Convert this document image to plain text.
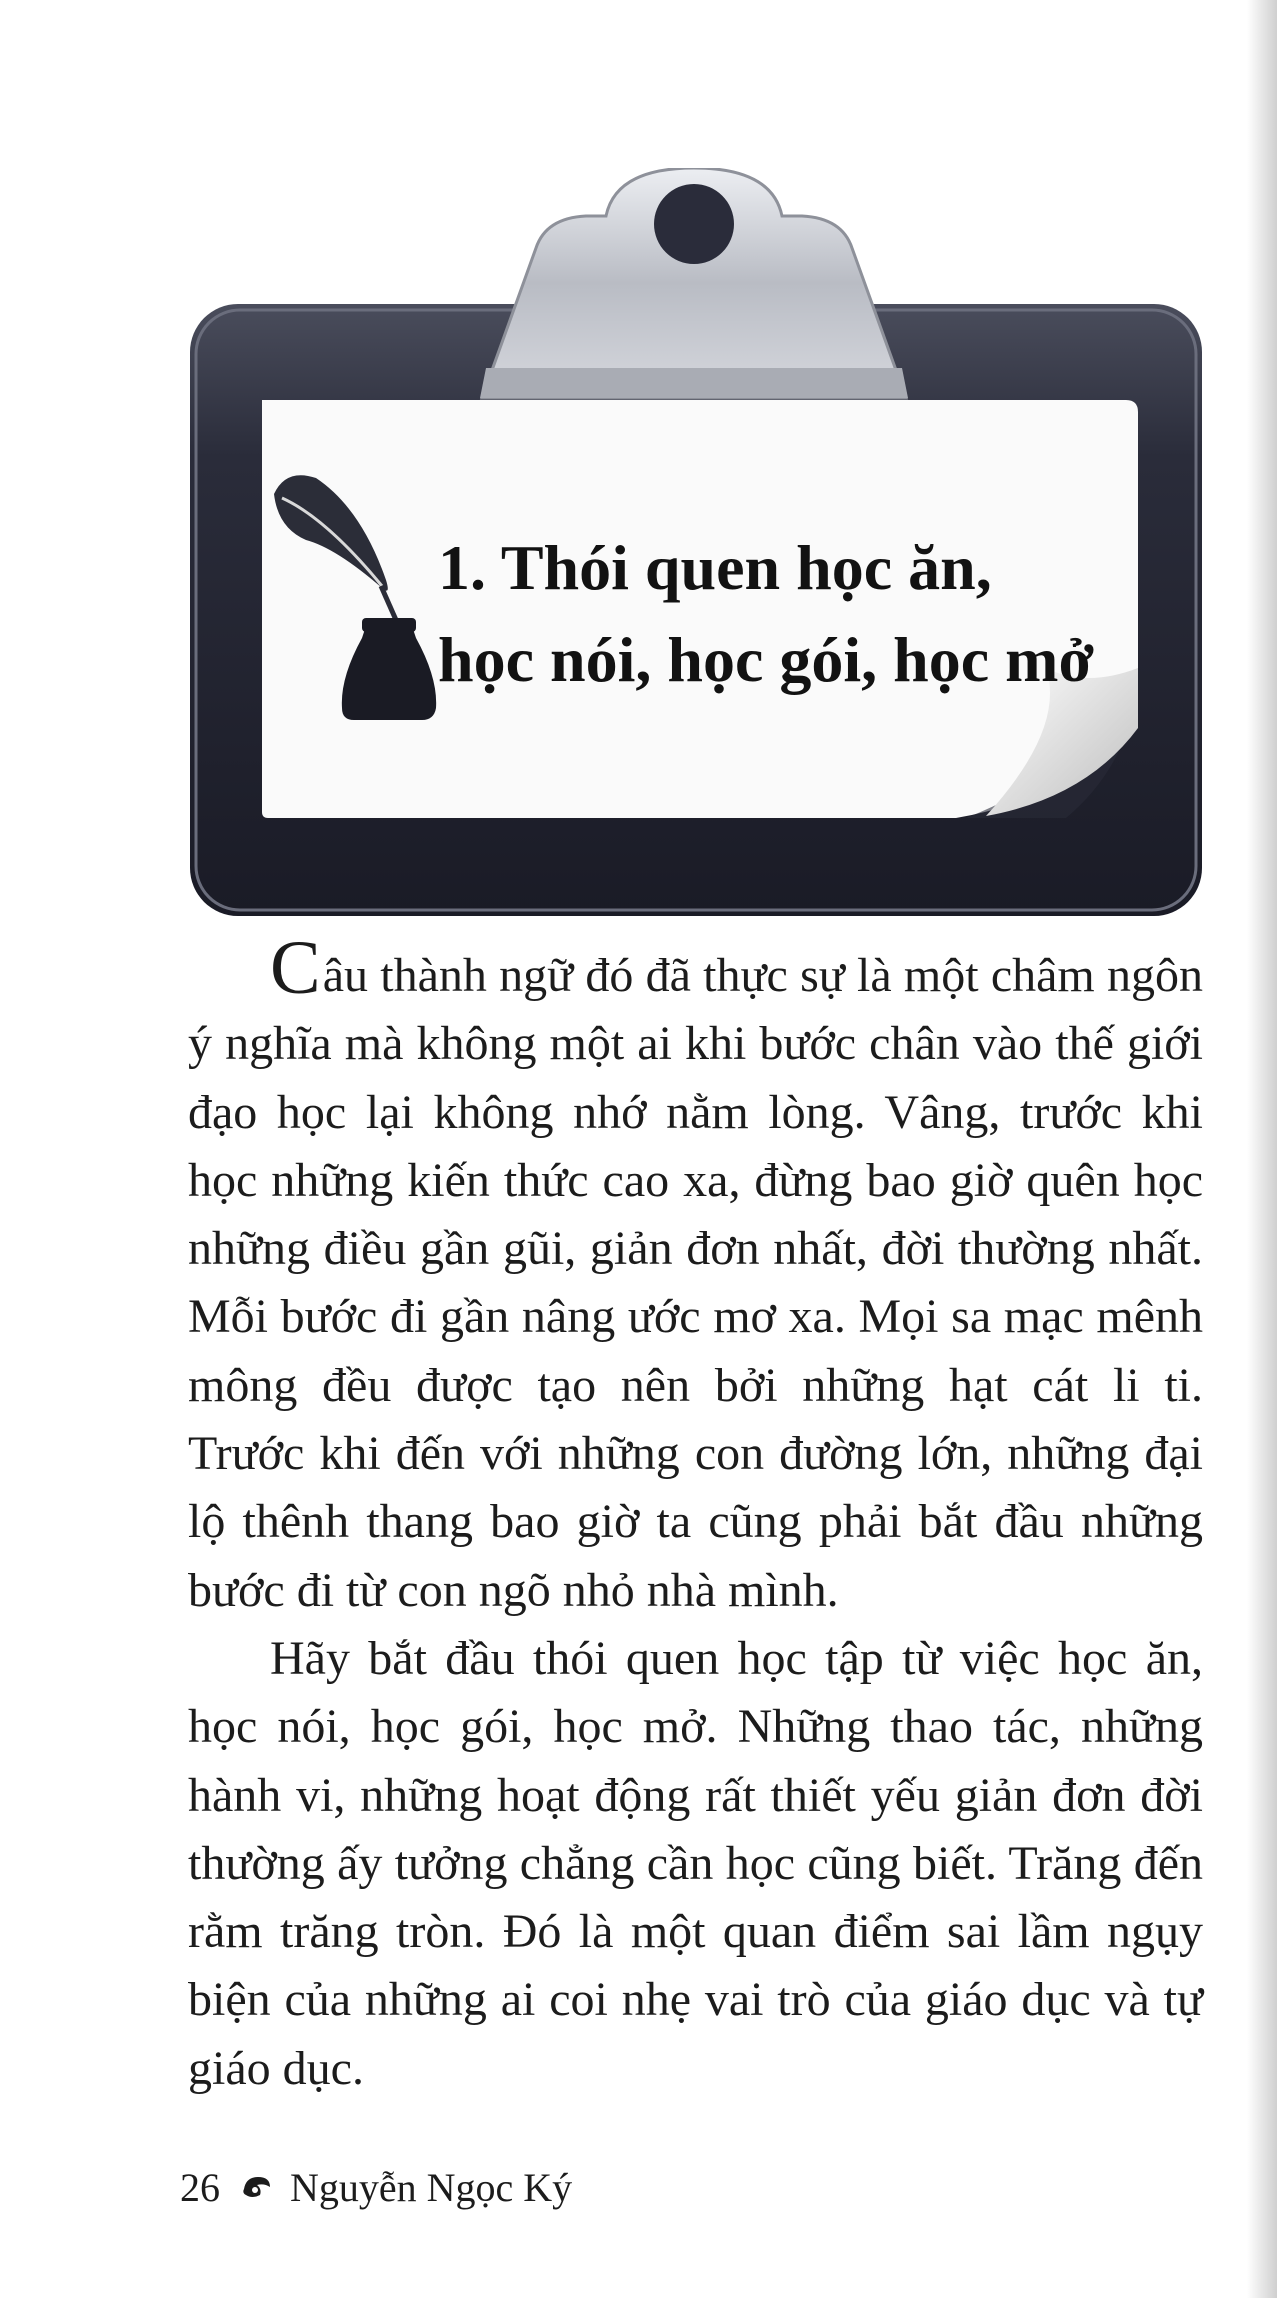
1. Thói quen học ăn,
học nói, học gói, học mở

Câu thành ngữ đó đã thực sự là một châm ngôn ý nghĩa mà không một ai khi bước chân vào thế giới đạo học lại không nhớ nằm lòng. Vâng, trước khi học những kiến thức cao xa, đừng bao giờ quên học những điều gần gũi, giản đơn nhất, đời thường nhất. Mỗi bước đi gần nâng ước mơ xa. Mọi sa mạc mênh mông đều được tạo nên bởi những hạt cát li ti. Trước khi đến với những con đường lớn, những đại lộ thênh thang bao giờ ta cũng phải bắt đầu những bước đi từ con ngõ nhỏ nhà mình.

Hãy bắt đầu thói quen học tập từ việc học ăn, học nói, học gói, học mở. Những thao tác, những hành vi, những hoạt động rất thiết yếu giản đơn đời thường ấy tưởng chẳng cần học cũng biết. Trăng đến rằm trăng tròn. Đó là một quan điểm sai lầm ngụy biện của những ai coi nhẹ vai trò của giáo dục và tự giáo dục.

26 Nguyễn Ngọc Ký
